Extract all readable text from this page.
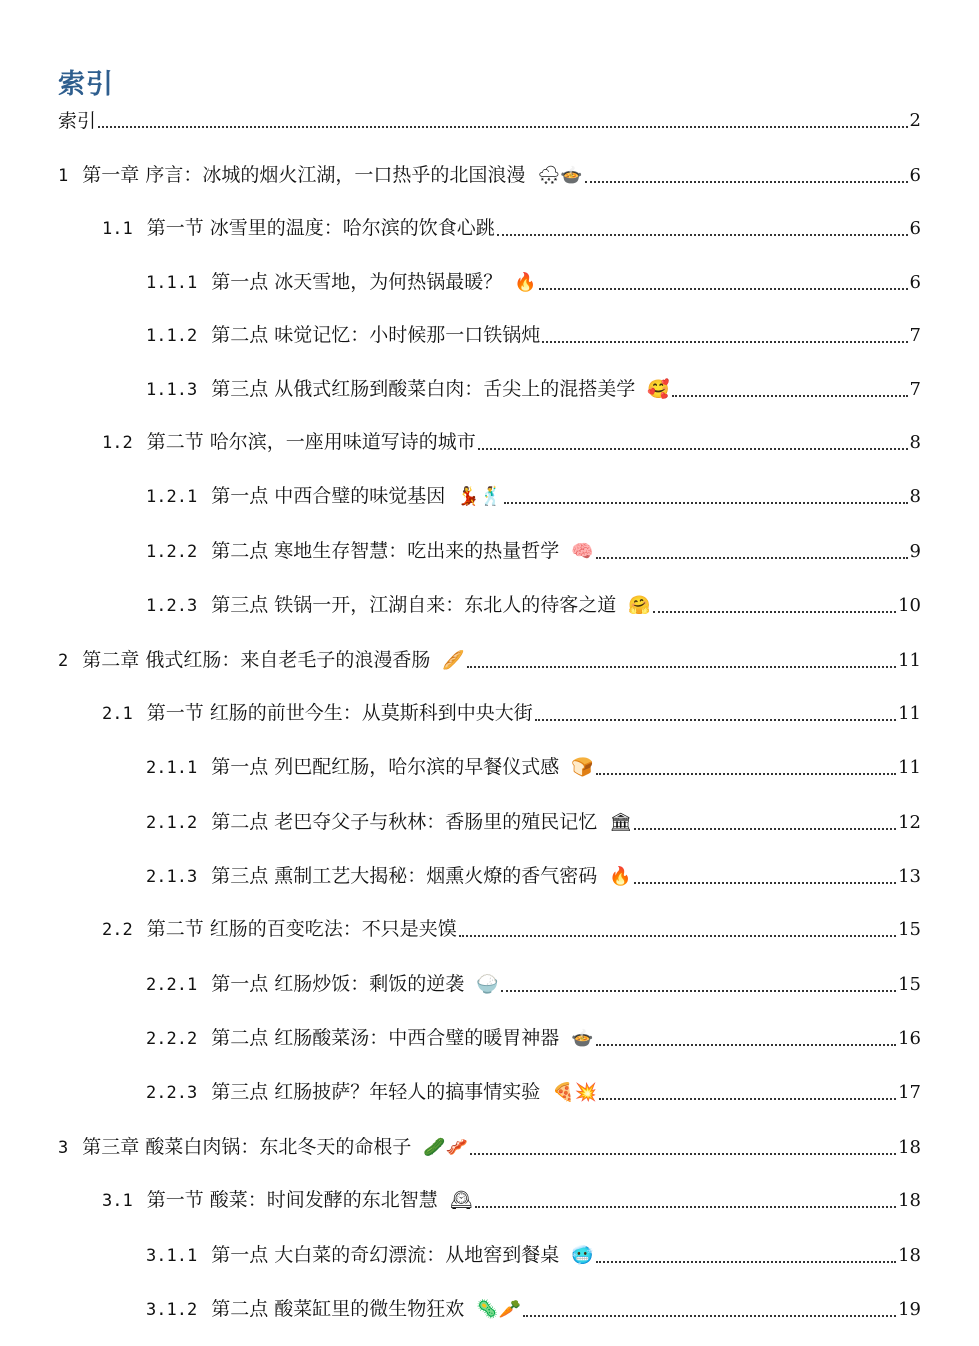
索引
索引	2
1 第一章 序言：冰城的烟火江湖，一口热乎的北国浪漫 🌨🍲	6
1.1 第一节 冰雪里的温度：哈尔滨的饮食心跳	6
1.1.1 第一点 冰天雪地，为何热锅最暖？ 🔥	6
1.1.2 第二点 味觉记忆：小时候那一口铁锅炖	7
1.1.3 第三点 从俄式红肠到酸菜白肉：舌尖上的混搭美学 🥰	7
1.2 第二节 哈尔滨，一座用味道写诗的城市	8
1.2.1 第一点 中西合璧的味觉基因 💃🕺	8
1.2.2 第二点 寒地生存智慧：吃出来的热量哲学 🧠	9
1.2.3 第三点 铁锅一开，江湖自来：东北人的待客之道 🤗	10
2 第二章 俄式红肠：来自老毛子的浪漫香肠 🥖	11
2.1 第一节 红肠的前世今生：从莫斯科到中央大街	11
2.1.1 第一点 列巴配红肠，哈尔滨的早餐仪式感 🍞	11
2.1.2 第二点 老巴夺父子与秋林：香肠里的殖民记忆 🏛	12
2.1.3 第三点 熏制工艺大揭秘：烟熏火燎的香气密码 🔥	13
2.2 第二节 红肠的百变吃法：不只是夹馍	15
2.2.1 第一点 红肠炒饭：剩饭的逆袭 🍚	15
2.2.2 第二点 红肠酸菜汤：中西合璧的暖胃神器 🍲	16
2.2.3 第三点 红肠披萨？年轻人的搞事情实验 🍕💥	17
3 第三章 酸菜白肉锅：东北冬天的命根子 🥒🥓	18
3.1 第一节 酸菜：时间发酵的东北智慧 🕰	18
3.1.1 第一点 大白菜的奇幻漂流：从地窖到餐桌 🥶	18
3.1.2 第二点 酸菜缸里的微生物狂欢 🦠🥕	19
